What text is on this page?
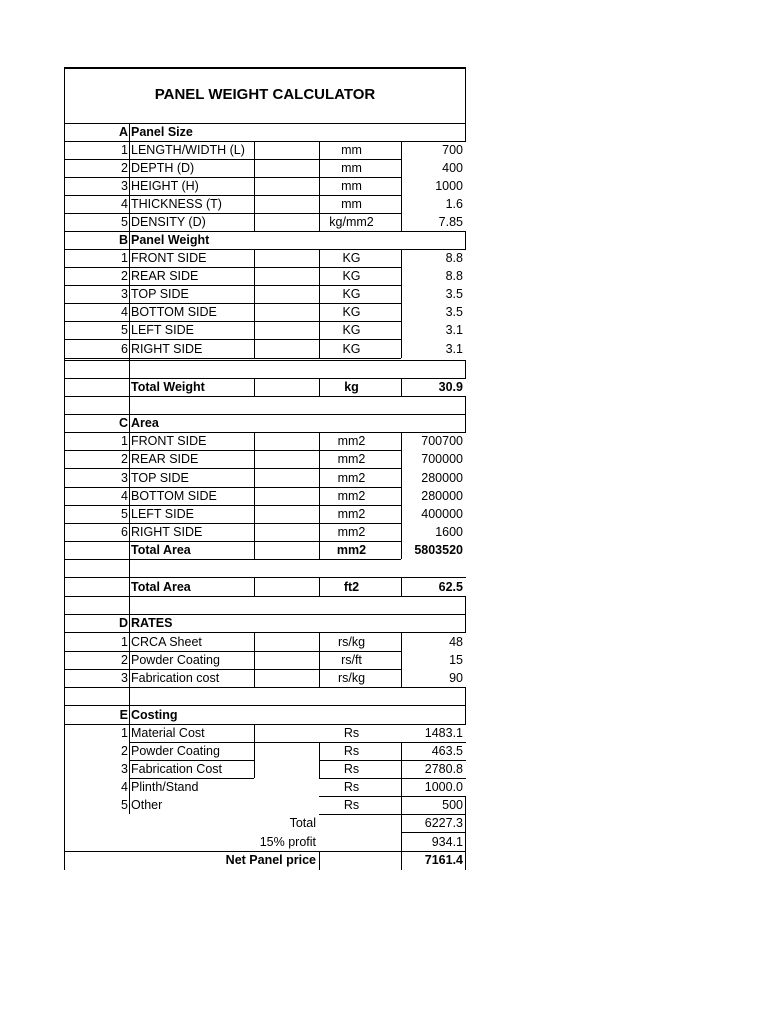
PANEL WEIGHT CALCULATOR
A Panel Size
1 LENGTH/WIDTH (L)	mm	700
2 DEPTH (D)	mm	400
3 HEIGHT (H)	mm	1000
4 THICKNESS (T)	mm	1.6
5 DENSITY (D)	kg/mm2	7.85
B Panel Weight
1 FRONT SIDE	KG	8.8
2 REAR SIDE	KG	8.8
3 TOP SIDE	KG	3.5
4 BOTTOM SIDE	KG	3.5
5 LEFT SIDE	KG	3.1
6 RIGHT SIDE	KG	3.1
Total Weight	kg	30.9
C Area
1 FRONT SIDE	mm2	700700
2 REAR SIDE	mm2	700000
3 TOP SIDE	mm2	280000
4 BOTTOM SIDE	mm2	280000
5 LEFT SIDE	mm2	400000
6 RIGHT SIDE	mm2	1600
Total Area	mm2	5803520
Total Area	ft2	62.5
D RATES
1 CRCA Sheet	rs/kg	48
2 Powder Coating	rs/ft	15
3 Fabrication cost	rs/kg	90
E Costing
1 Material Cost	Rs	1483.1
2 Powder Coating	Rs	463.5
3 Fabrication Cost	Rs	2780.8
4 Plinth/Stand	Rs	1000.0
5 Other	Rs	500
Total	6227.3
15% profit	934.1
Net Panel price	7161.4
